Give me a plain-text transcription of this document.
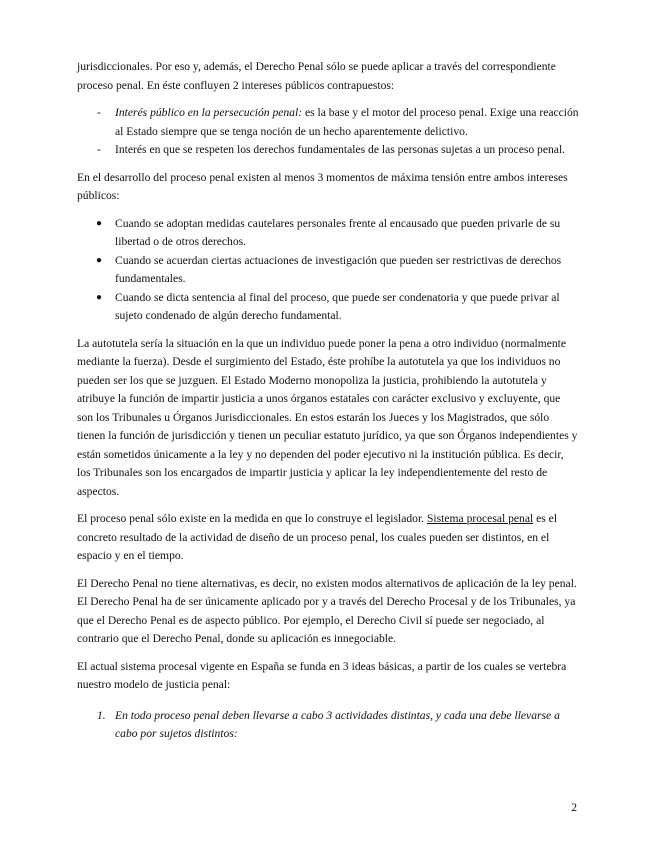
jurisdiccionales. Por eso y, además, el Derecho Penal sólo se puede aplicar a través del correspondiente proceso penal. En éste confluyen 2 intereses públicos contrapuestos:

- Interés público en la persecución penal: es la base y el motor del proceso penal. Exige una reacción al Estado siempre que se tenga noción de un hecho aparentemente delictivo.
- Interés en que se respeten los derechos fundamentales de las personas sujetas a un proceso penal.

En el desarrollo del proceso penal existen al menos 3 momentos de máxima tensión entre ambos intereses públicos:

● Cuando se adoptan medidas cautelares personales frente al encausado que pueden privarle de su libertad o de otros derechos.
● Cuando se acuerdan ciertas actuaciones de investigación que pueden ser restrictivas de derechos fundamentales.
● Cuando se dicta sentencia al final del proceso, que puede ser condenatoria y que puede privar al sujeto condenado de algún derecho fundamental.

La autotutela sería la situación en la que un individuo puede poner la pena a otro individuo (normalmente mediante la fuerza). Desde el surgimiento del Estado, éste prohíbe la autotutela ya que los individuos no pueden ser los que se juzguen. El Estado Moderno monopoliza la justicia, prohibiendo la autotutela y atribuye la función de impartir justicia a unos órganos estatales con carácter exclusivo y excluyente, que son los Tribunales u Órganos Jurisdiccionales. En estos estarán los Jueces y los Magistrados, que sólo tienen la función de jurisdicción y tienen un peculiar estatuto jurídico, ya que son Órganos independientes y están sometidos únicamente a la ley y no dependen del poder ejecutivo ni la institución pública. Es decir, los Tribunales son los encargados de impartir justicia y aplicar la ley independientemente del resto de aspectos.

El proceso penal sólo existe en la medida en que lo construye el legislador. Sistema procesal penal es el concreto resultado de la actividad de diseño de un proceso penal, los cuales pueden ser distintos, en el espacio y en el tiempo.

El Derecho Penal no tiene alternativas, es decir, no existen modos alternativos de aplicación de la ley penal. El Derecho Penal ha de ser únicamente aplicado por y a través del Derecho Procesal y de los Tribunales, ya que el Derecho Penal es de aspecto público. Por ejemplo, el Derecho Civil sí puede ser negociado, al contrario que el Derecho Penal, donde su aplicación es innegociable.

El actual sistema procesal vigente en España se funda en 3 ideas básicas, a partir de los cuales se vertebra nuestro modelo de justicia penal:

1. En todo proceso penal deben llevarse a cabo 3 actividades distintas, y cada una debe llevarse a cabo por sujetos distintos:
2
